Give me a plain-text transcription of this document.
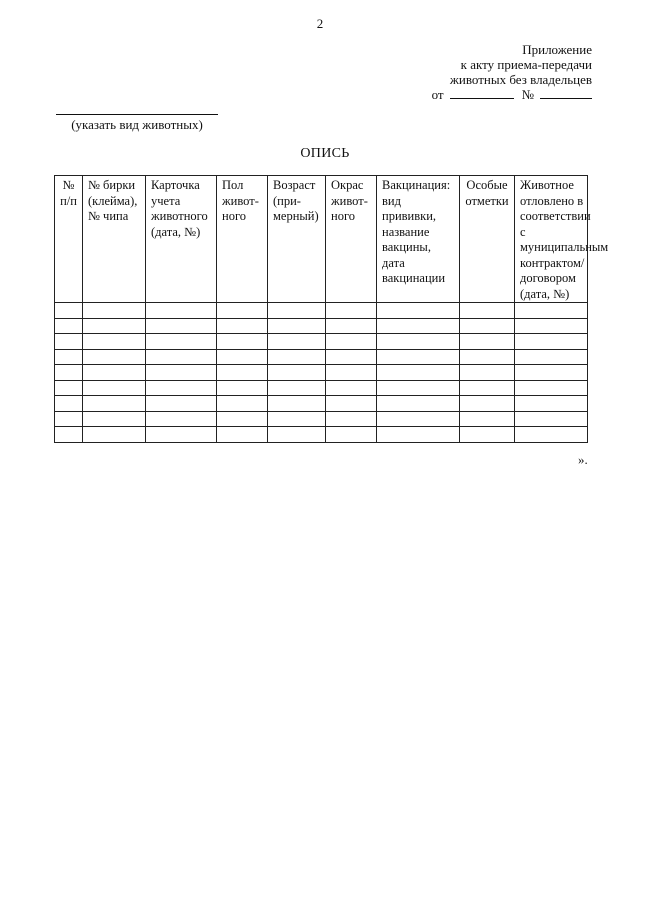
2
Приложение
к акту приема-передачи
животных без владельцев
от	№
(указать вид животных)
ОПИСЬ
№ п/п	№ бирки (клейма), № чипа	Карточка учета животного (дата, №)	Пол живот- ного	Возраст (при- мерный)	Окрас живот- ного	Вакцинация: вид прививки, название вакцины, дата вакцинации	Особые отметки	Животное отловлено в соответствии с муниципальным контрактом/ договором (дата, №)

».
